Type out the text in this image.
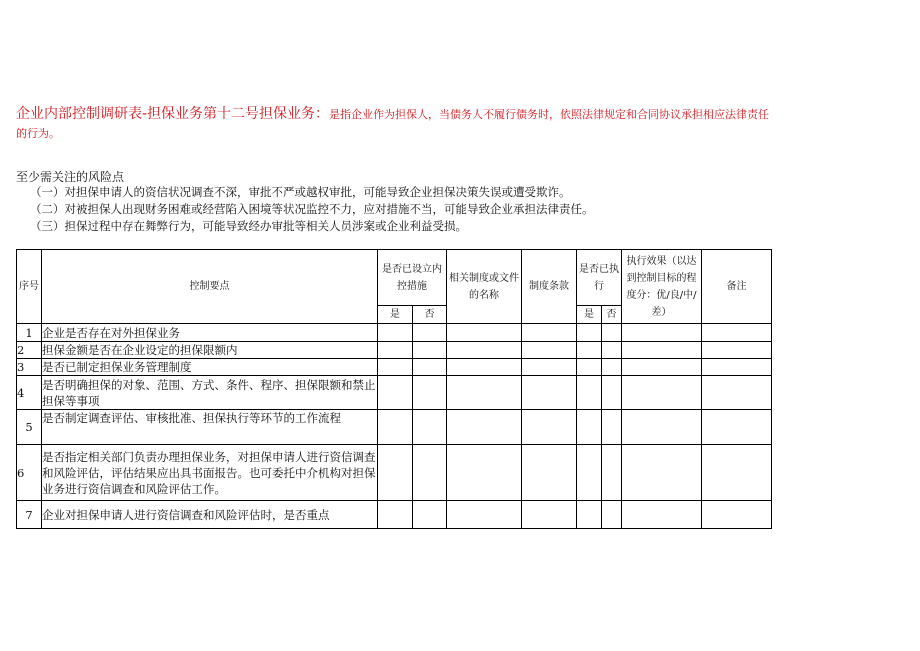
企业内部控制调研表-担保业务第十二号担保业务：是指企业作为担保人，当债务人不履行债务时，依照法律规定和合同协议承担相应法律责任的行为。
至少需关注的风险点
（一）对担保申请人的资信状况调查不深，审批不严或越权审批，可能导致企业担保决策失误或遭受欺诈。
（二）对被担保人出现财务困难或经营陷入困境等状况监控不力，应对措施不当，可能导致企业承担法律责任。
（三）担保过程中存在舞弊行为，可能导致经办审批等相关人员涉案或企业利益受损。
序号	控制要点	是否已设立内控措施		相关制度或文件的名称	制度条款	是否已执行		执行效果（以达到控制目标的程度分：优/良/中/差）	备注
		是	否			是	否		
1	企业是否存在对外担保业务								
2	担保金额是否在企业设定的担保限额内								
3	是否已制定担保业务管理制度								
4	是否明确担保的对象、范围、方式、条件、程序、担保限额和禁止担保等事项								
5	是否制定调查评估、审核批准、担保执行等环节的工作流程								
6	是否指定相关部门负责办理担保业务，对担保申请人进行资信调查和风险评估，评估结果应出具书面报告。也可委托中介机构对担保业务进行资信调查和风险评估工作。								
7	企业对担保申请人进行资信调查和风险评估时，是否重点								
